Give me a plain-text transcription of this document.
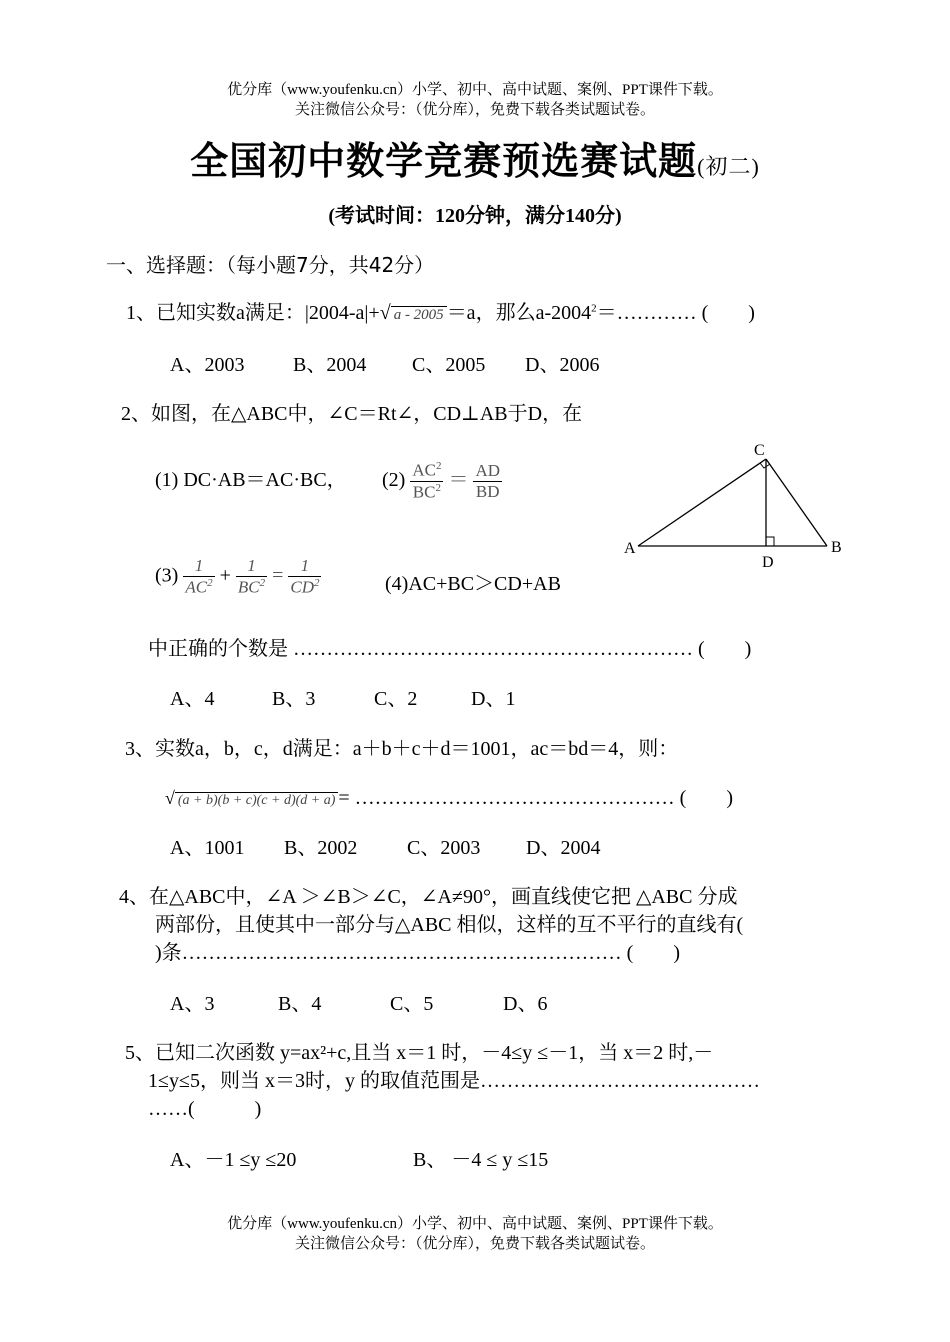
优分库（www.youfenku.cn）小学、初中、高中试题、案例、PPT课件下载。
关注微信公众号：（优分库），免费下载各类试题试卷。
全国初中数学竞赛预选赛试题(初二)
(考试时间：120分钟，满分140分)
一、选择题：（每小题7分，共42分）
1、已知实数a满足：|2004-a|+√ a - 2005 ＝a，那么$a-2004^2=\dots\dots\dots\dots$ (　　)
A、2003 B、2004 C、2005 D、2006
2、如图，在△ABC中，∠C＝Rt∠，CD⊥AB于D，在
(1) DC·AB＝AC·BC， $(2) \frac{AC^2}{BC^2} = \frac{AD}{BD}$
$(3) \frac{1}{AC^2} + \frac{1}{BC^2} = \frac{1}{CD^2}$	(4)AC+BC＞CD+AB
A	B
C
D
中正确的个数是 …………………………………………………… (　　)
A、4	B、3	C、2	D、1
3、实数a，b，c，d满足：a＋b＋c＋d＝1001，ac＝bd＝4，则：
√ (a + b)(b + c)(c + d)(d + a) = ………………………………………… (　　)
A、1001 B、2002 C、2003 D、2004
4、在△ABC中，∠A ＞∠B＞∠C，∠A≠90°，画直线使它把 △ABC 分成
两部份，且使其中一部分与△ABC 相似，这样的互不平行的直线有(
)条………………………………………………………… (　　)
A、3	B、4	C、5	D、6
5、已知二次函数 y=ax²+c,且当 x＝1 时，－4≤y ≤－1，当 x＝2 时,－
1≤y≤5，则当 x＝3时，y 的取值范围是……………………………………
……(　　　)
A、－1 ≤y ≤20	B、 －4 ≤ y ≤15
优分库（www.youfenku.cn）小学、初中、高中试题、案例、PPT课件下载。
关注微信公众号：（优分库），免费下载各类试题试卷。
